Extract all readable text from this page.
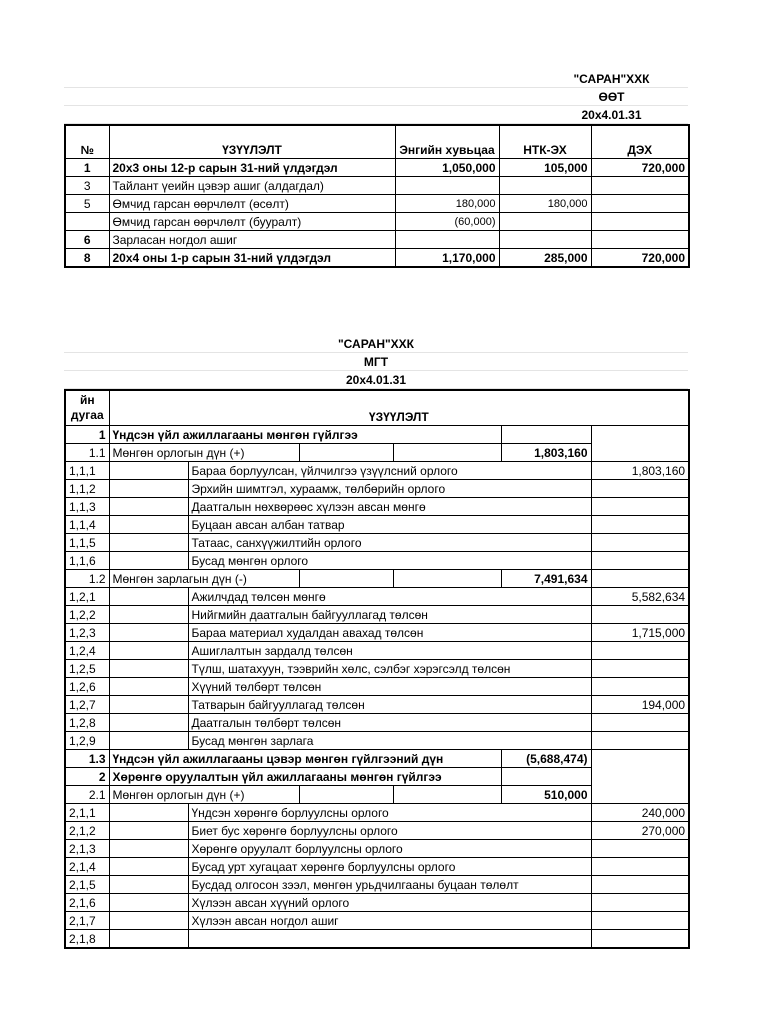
			"САРАН"ХХК
			ӨӨТ
			20х4.01.31
№	ҮЗҮҮЛЭЛТ	Энгийн хувьцаа	НТК-ЭХ	ДЭХ
1	20х3 оны 12-р сарын 31-ний үлдэгдэл	1,050,000	105,000	720,000
3	Тайлант үеийн цэвэр ашиг (алдагдал)			
5	Өмчид гарсан өөрчлөлт (өсөлт)	180,000	180,000	
	Өмчид гарсан өөрчлөлт (бууралт)	(60,000)		
6	Зарласан ногдол ашиг			
8	20х4 оны 1-р сарын 31-ний үлдэгдэл	1,170,000	285,000	720,000
"САРАН"ХХК
МГТ
20х4.01.31
йн
дугаа	ҮЗҮҮЛЭЛТ					
1	Үндсэн үйл ажиллагааны мөнгөн гүйлгээ					
1.1	Мөнгөн орлогын дүн (+)				1,803,160	
1,1,1		Бараа борлуулсан, үйлчилгээ үзүүлсний орлого				1,803,160
1,1,2		Эрхийн шимтгэл, хураамж, төлбөрийн орлого				
1,1,3		Даатгалын нөхвөрөөс хүлээн авсан мөнгө				
1,1,4		Буцаан авсан албан татвар				
1,1,5		Татаас, санхүүжилтийн орлого				
1,1,6		Бусад мөнгөн орлого				
1.2	Мөнгөн зарлагын дүн (-)				7,491,634	
1,2,1		Ажилчдад төлсөн мөнгө				5,582,634
1,2,2		Нийгмийн даатгалын байгууллагад төлсөн				
1,2,3		Бараа материал худалдан авахад төлсөн				1,715,000
1,2,4		Ашиглалтын зардалд төлсөн				
1,2,5		Түлш, шатахуун, тээврийн хөлс, сэлбэг хэрэгсэлд төлсөн				
1,2,6		Хүүний төлбөрт төлсөн				
1,2,7		Татварын байгууллагад төлсөн				194,000
1,2,8		Даатгалын төлбөрт төлсөн				
1,2,9		Бусад мөнгөн зарлага				
1.3	Үндсэн үйл ажиллагааны цэвэр мөнгөн гүйлгээний дүн				(5,688,474)	
2	Хөрөнгө оруулалтын үйл ажиллагааны мөнгөн гүйлгээ					
2.1	Мөнгөн орлогын дүн (+)				510,000	
2,1,1		Үндсэн хөрөнгө борлуулсны орлого				240,000
2,1,2		Биет бус хөрөнгө борлуулсны орлого				270,000
2,1,3		Хөрөнгө оруулалт борлуулсны орлого				
2,1,4		Бусад урт хугацаат хөрөнгө борлуулсны орлого				
2,1,5		Бусдад олгосон зээл, мөнгөн урьдчилгааны буцаан төлөлт				
2,1,6		Хүлээн авсан хүүний орлого				
2,1,7		Хүлээн авсан ногдол ашиг				
2,1,8						
